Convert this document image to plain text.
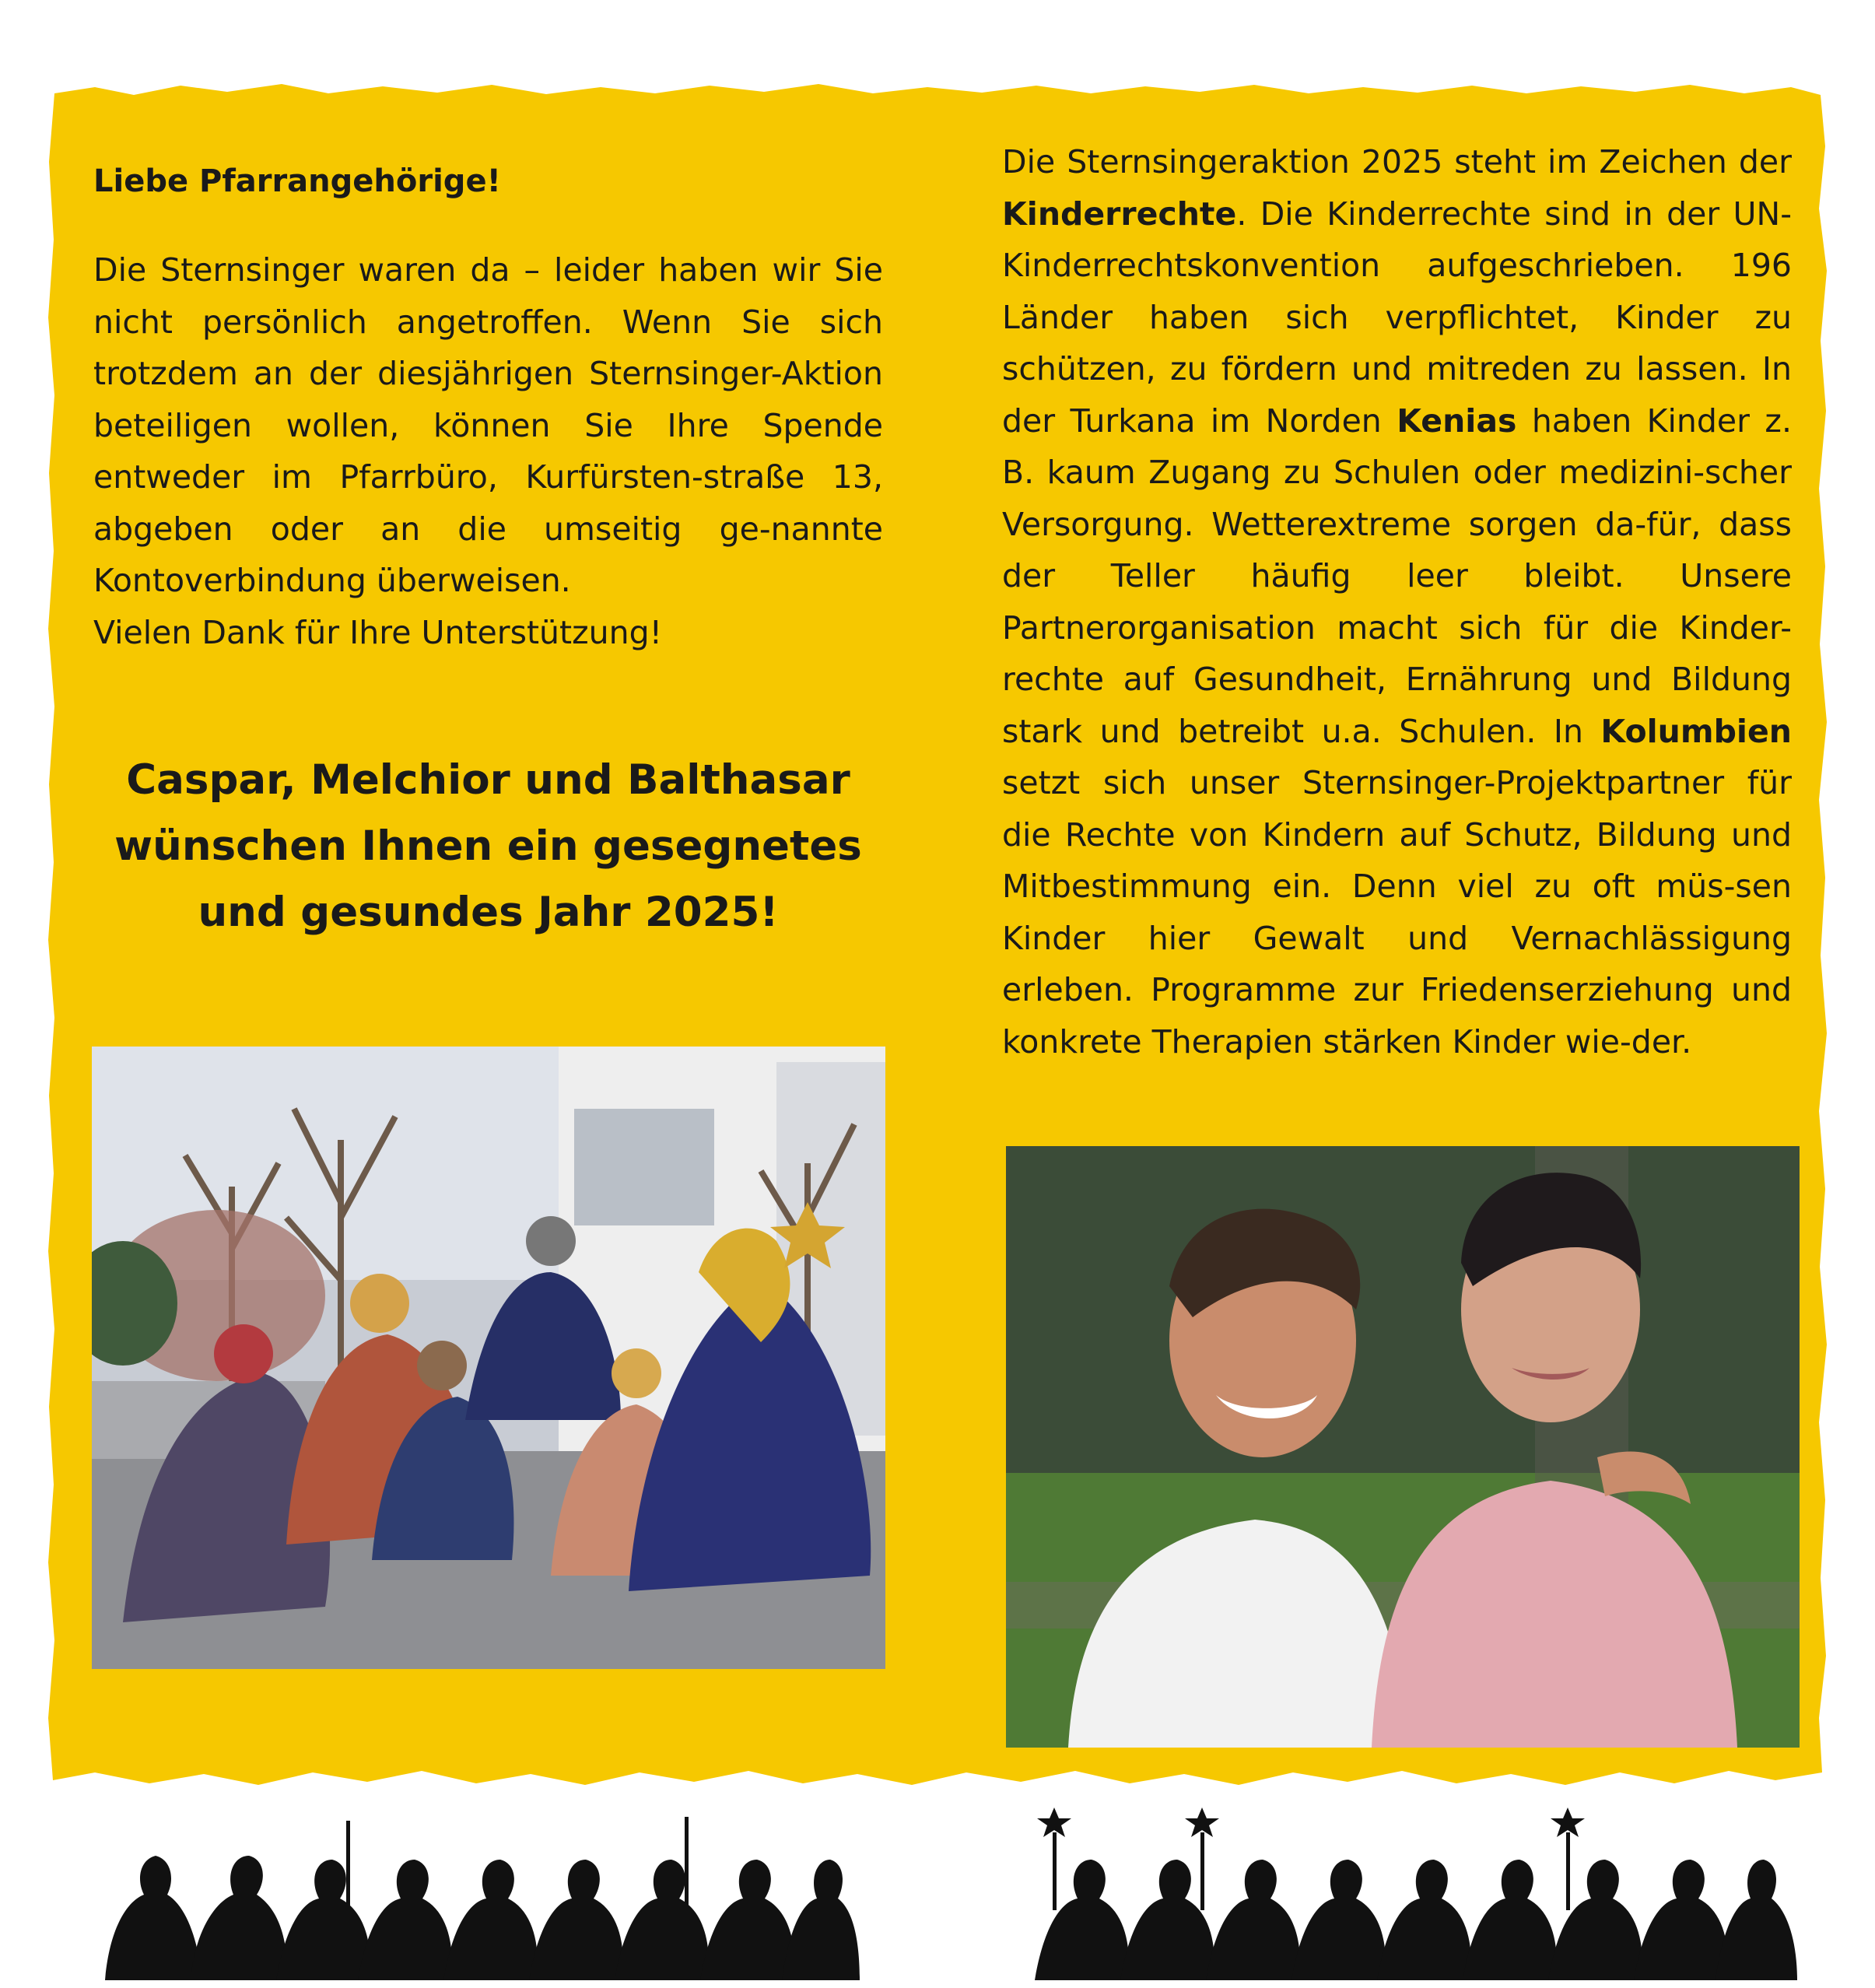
Liebe Pfarrangehörige!

Die Sternsinger waren da – leider haben wir Sie nicht persönlich angetroffen. Wenn Sie sich trotzdem an der diesjährigen Sternsinger-Aktion beteiligen wollen, können Sie Ihre Spende entweder im Pfarrbüro, Kurfürsten-straße 13, abgeben oder an die umseitig ge-nannte Kontoverbindung überweisen.

Vielen Dank für Ihre Unterstützung!

Caspar, Melchior und Balthasar
wünschen Ihnen ein gesegnetes
und gesundes Jahr 2025!

Die Sternsingeraktion 2025 steht im Zeichen der Kinderrechte. Die Kinderrechte sind in der UN-Kinderrechtskonvention aufgeschrieben. 196 Länder haben sich verpflichtet, Kinder zu schützen, zu fördern und mitreden zu lassen. In der Turkana im Norden Kenias haben Kinder z. B. kaum Zugang zu Schulen oder medizini-scher Versorgung. Wetterextreme sorgen da-für, dass der Teller häufig leer bleibt. Unsere Partnerorganisation macht sich für die Kinder-rechte auf Gesundheit, Ernährung und Bildung stark und betreibt u.a. Schulen. In Kolumbien setzt sich unser Sternsinger-Projektpartner für die Rechte von Kindern auf Schutz, Bildung und Mitbestimmung ein. Denn viel zu oft müs-sen Kinder hier Gewalt und Vernachlässigung erleben. Programme zur Friedenserziehung und konkrete Therapien stärken Kinder wie-der.
